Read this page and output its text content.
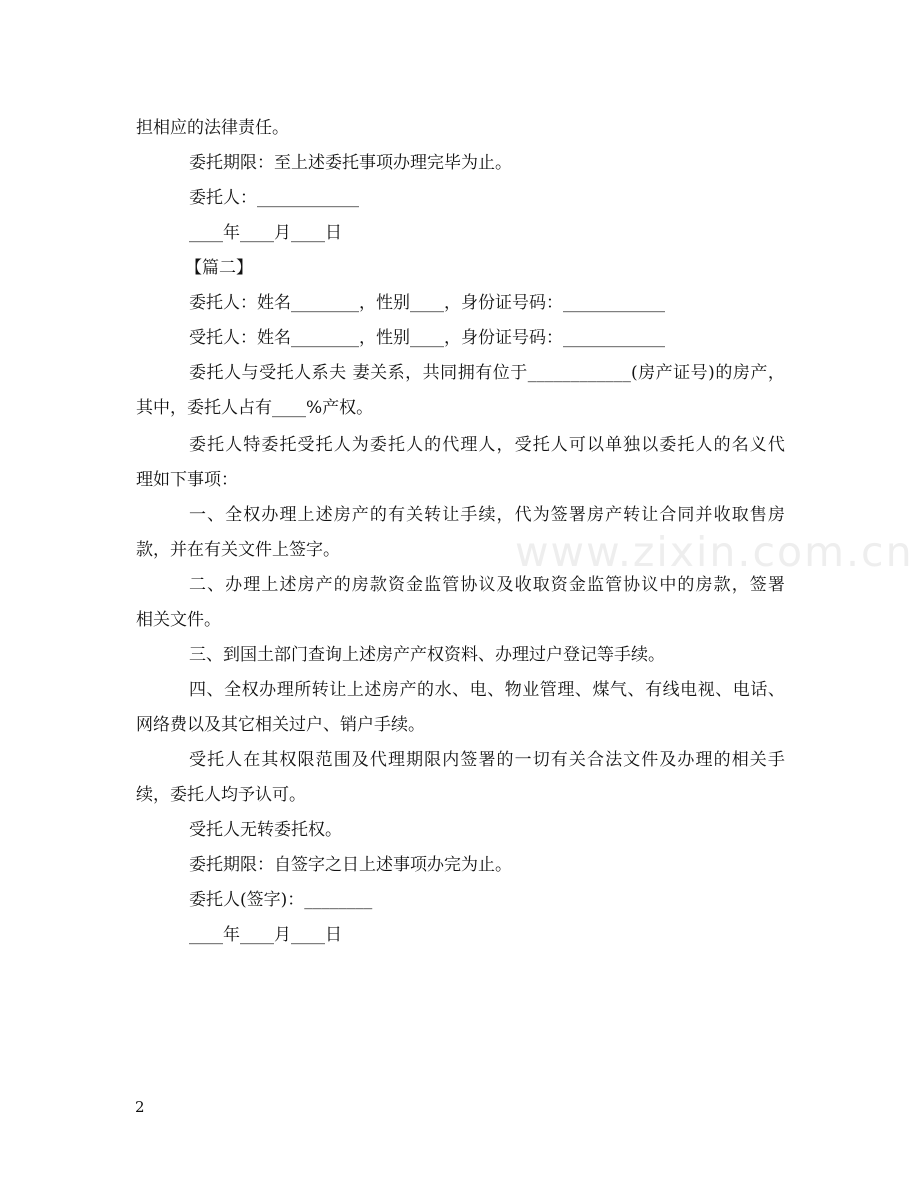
担相应的法律责任。
委托期限：至上述委托事项办理完毕为止。
委托人：____________
____年____月____日
【篇二】
委托人：姓名________，性别____，身份证号码：____________
受托人：姓名________，性别____，身份证号码：____________
委托人与受托人系夫 妻关系，共同拥有位于____________(房产证号)的房产，
其中，委托人占有____%产权。
委托人特委托受托人为委托人的代理人，受托人可以单独以委托人的名义代
理如下事项：
一、全权办理上述房产的有关转让手续，代为签署房产转让合同并收取售房
款，并在有关文件上签字。
二、办理上述房产的房款资金监管协议及收取资金监管协议中的房款，签署
相关文件。
三、到国土部门查询上述房产产权资料、办理过户登记等手续。
四、全权办理所转让上述房产的水、电、物业管理、煤气、有线电视、电话、
网络费以及其它相关过户、销户手续。
受托人在其权限范围及代理期限内签署的一切有关合法文件及办理的相关手
续，委托人均予认可。
受托人无转委托权。
委托期限：自签字之日上述事项办完为止。
委托人(签字)：________
____年____月____日
www.zixin.com.cn
2
